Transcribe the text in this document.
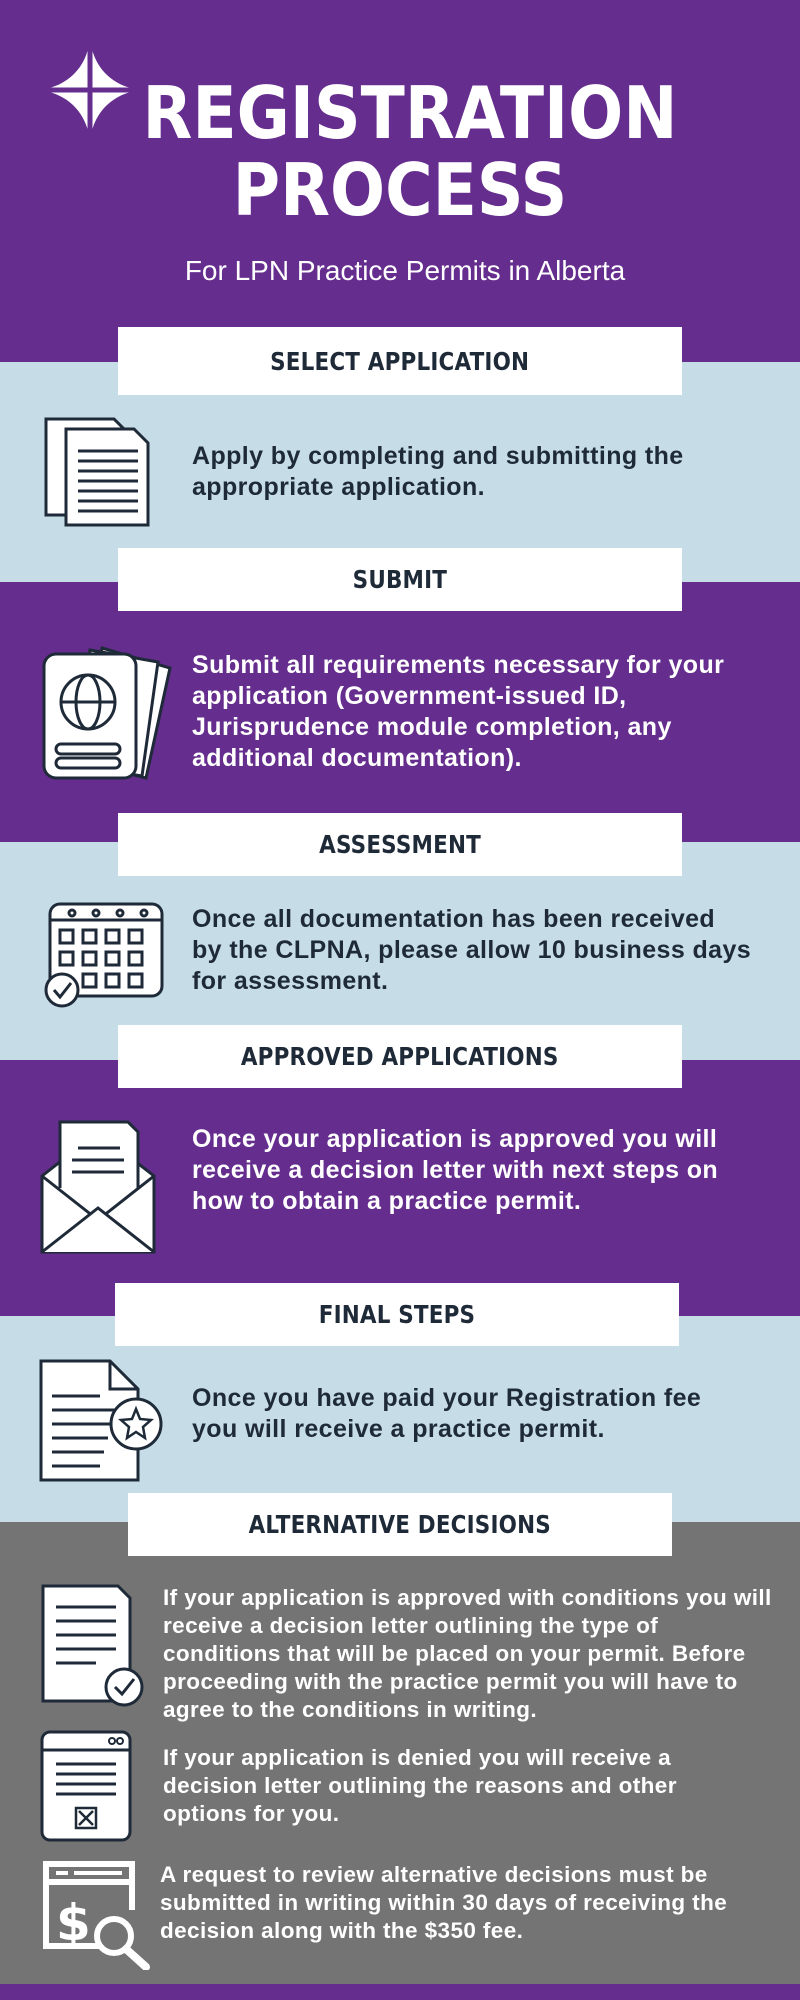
REGISTRATION
PROCESS
For LPN Practice Permits in Alberta
SELECT APPLICATION
Apply by completing and submitting the appropriate application.
SUBMIT
Submit all requirements necessary for your application (Government-issued ID, Jurisprudence module completion, any additional documentation).
ASSESSMENT
Once all documentation has been received by the CLPNA, please allow 10 business days for assessment.
APPROVED APPLICATIONS
Once your application is approved you will receive a decision letter with next steps on how to obtain a practice permit.
FINAL STEPS
Once you have paid your Registration fee you will receive a practice permit.
ALTERNATIVE DECISIONS
If your application is approved with conditions you will receive a decision letter outlining the type of conditions that will be placed on your permit. Before proceeding with the practice permit you will have to agree to the conditions in writing.
If your application is denied you will receive a decision letter outlining the reasons and other options for you.
$
A request to review alternative decisions must be submitted in writing within 30 days of receiving the decision along with the $350 fee.
